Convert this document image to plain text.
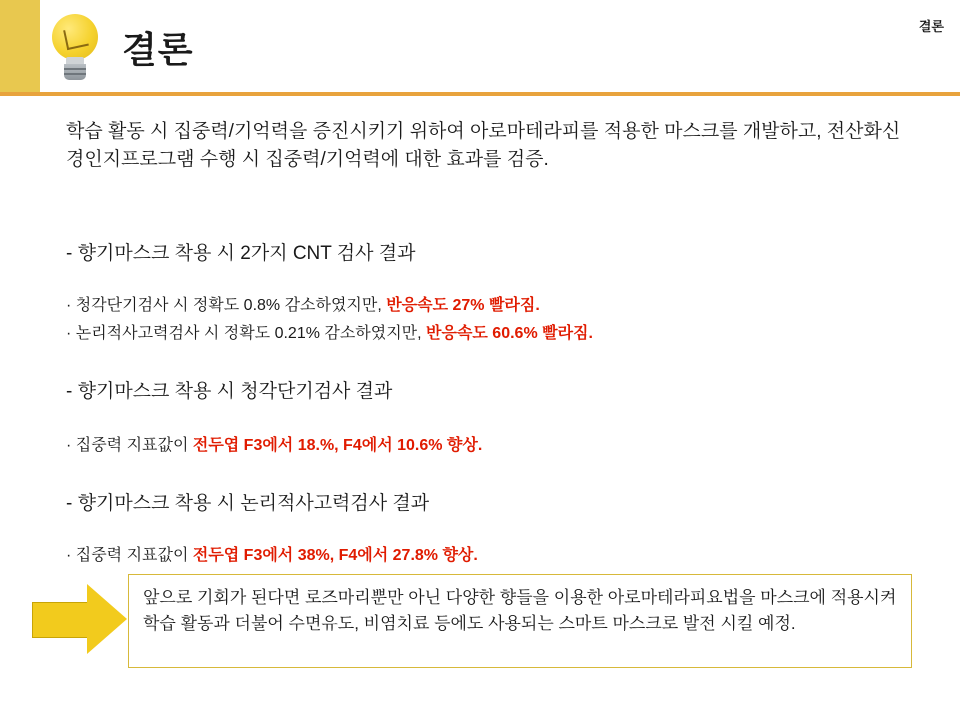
결론
결론
학습 활동 시 집중력/기억력을 증진시키기 위하여 아로마테라피를 적용한 마스크를 개발하고, 전산화신경인지프로그램 수행 시 집중력/기억력에 대한 효과를 검증.
- 향기마스크 착용 시 2가지 CNT 검사 결과
· 청각단기검사 시 정확도 0.8% 감소하였지만, 반응속도 27% 빨라짐.
· 논리적사고력검사 시 정확도 0.21% 감소하였지만, 반응속도 60.6% 빨라짐.
- 향기마스크 착용 시 청각단기검사 결과
· 집중력 지표값이 전두엽 F3에서 18.%, F4에서 10.6% 향상.
- 향기마스크 착용 시 논리적사고력검사 결과
· 집중력 지표값이 전두엽 F3에서 38%, F4에서 27.8% 향상.
앞으로 기회가 된다면 로즈마리뿐만 아닌 다양한 향들을 이용한 아로마테라피요법을 마스크에 적용시켜 학습 활동과 더불어 수면유도, 비염치료 등에도 사용되는 스마트 마스크로 발전 시킬 예정.
